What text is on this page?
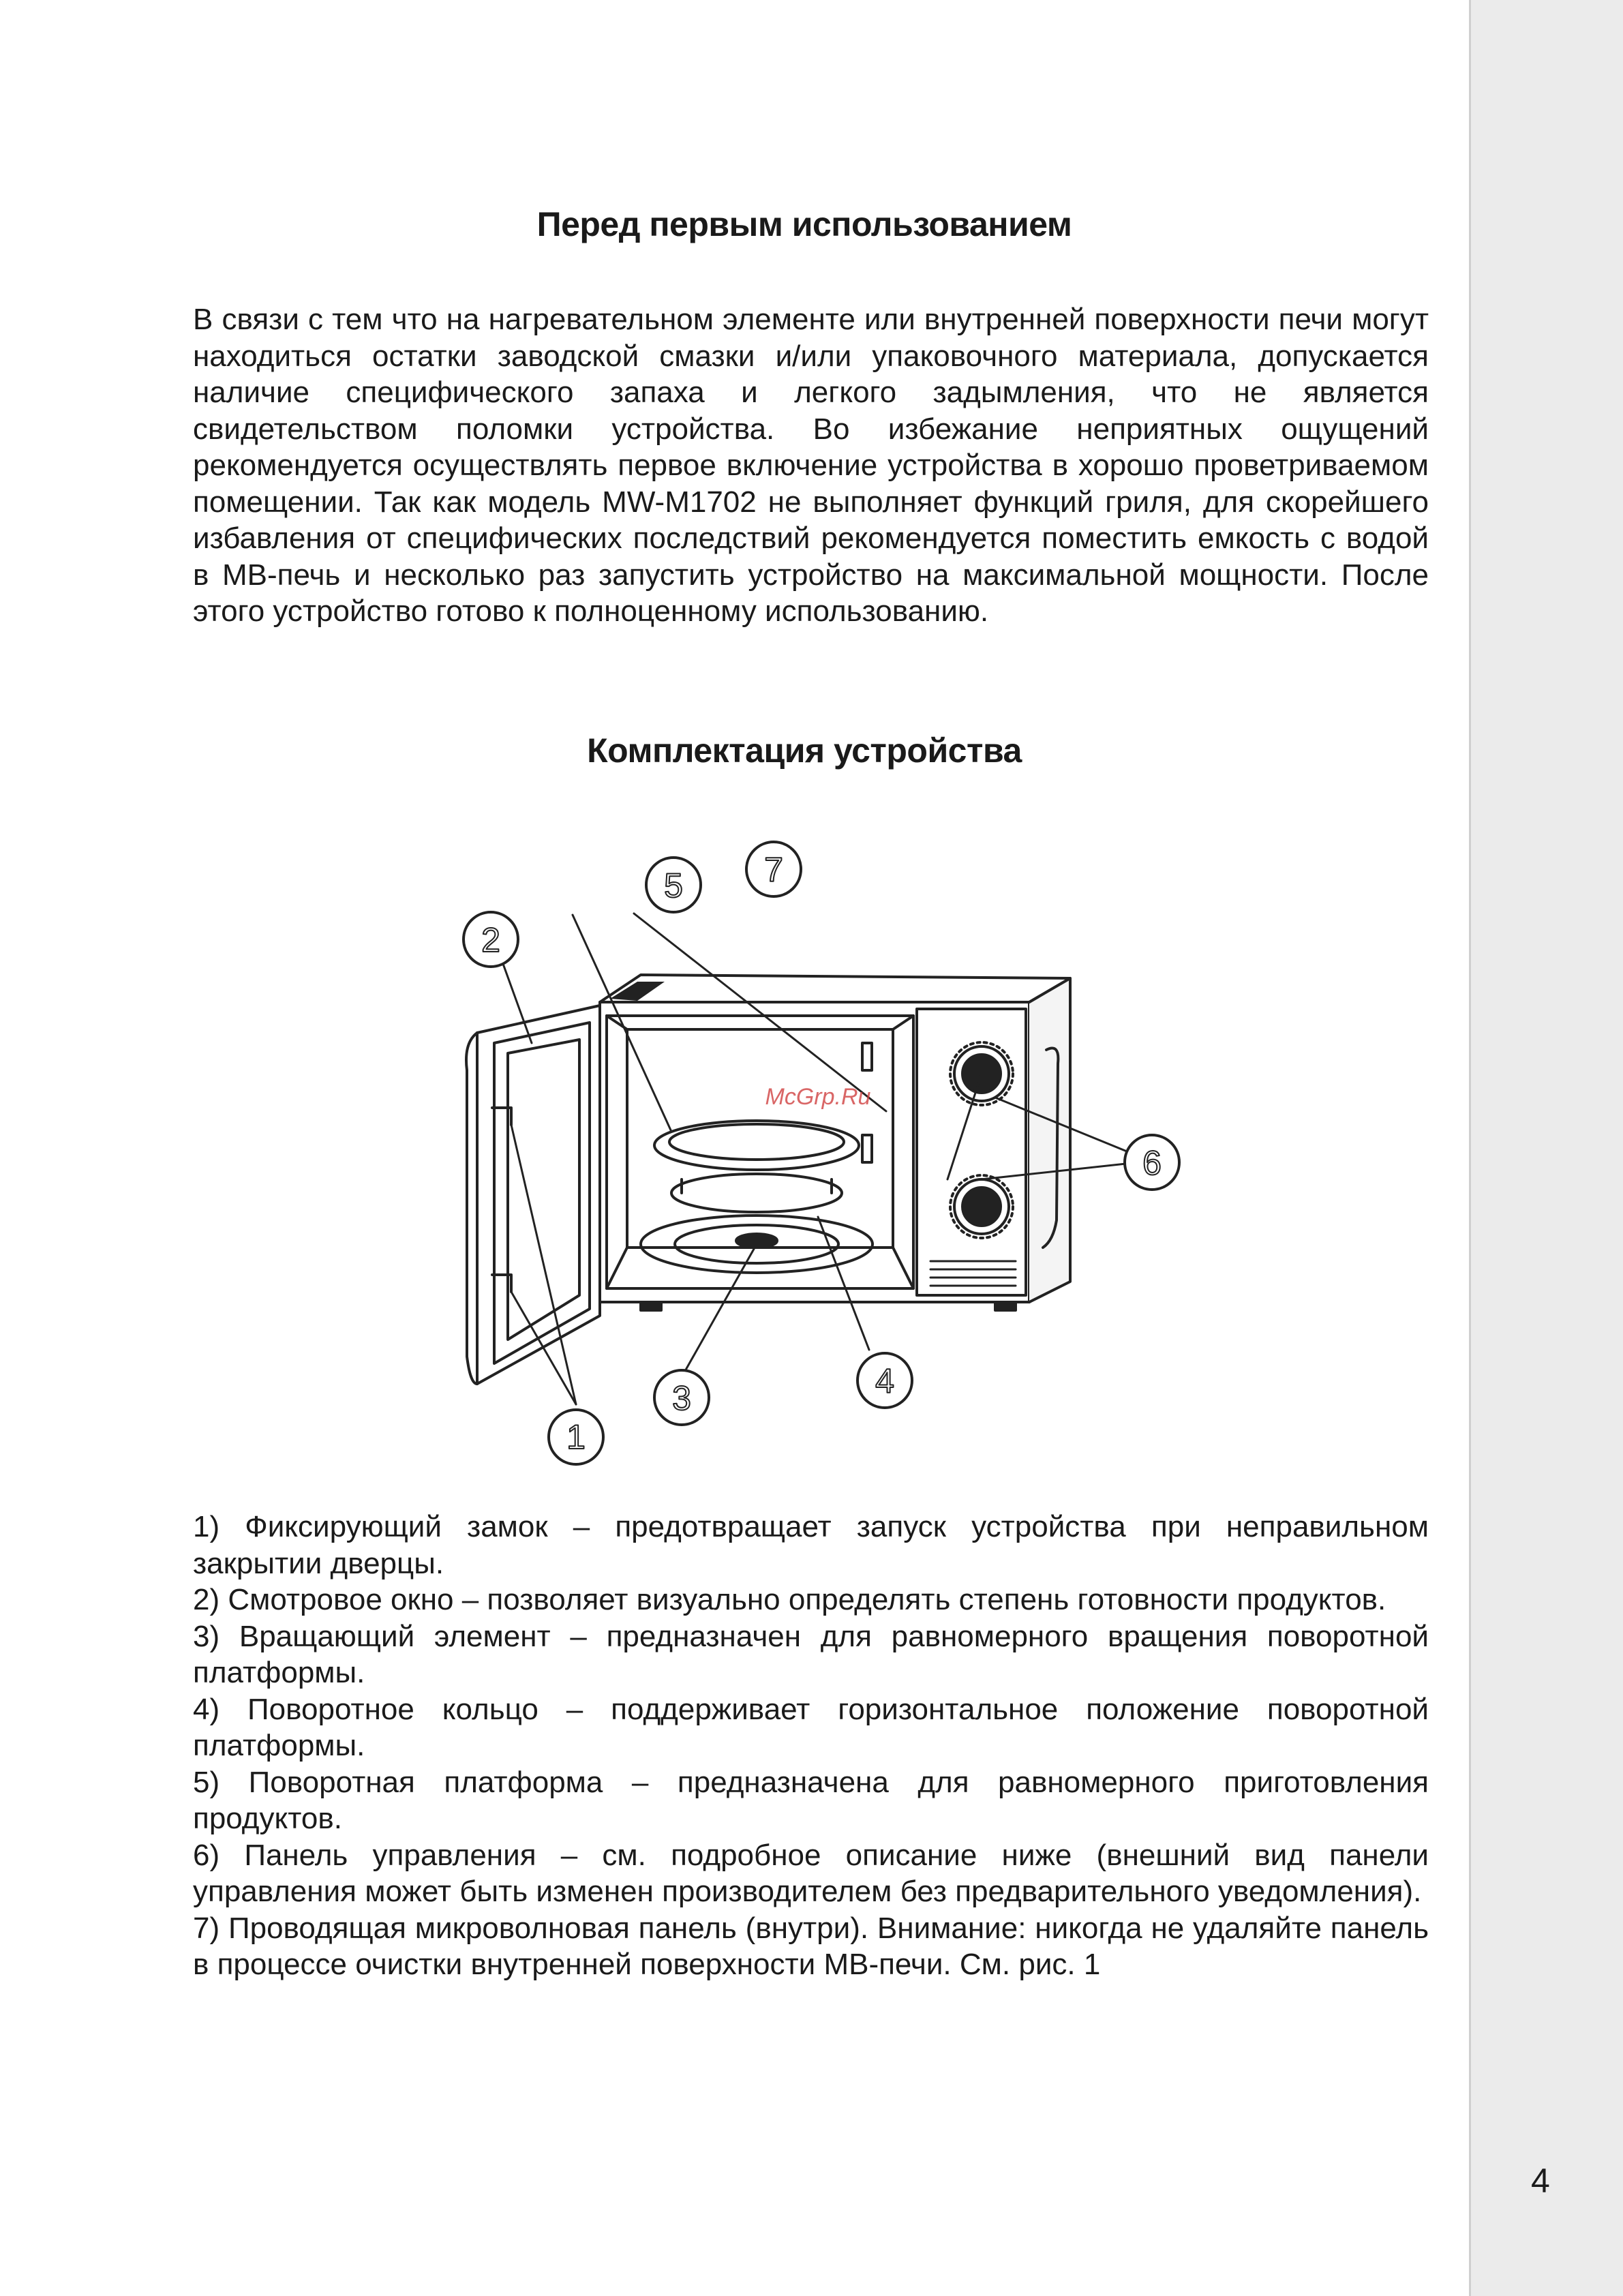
Перед первым использованием
В связи с тем что на нагревательном элементе или внутренней поверхности печи могут находиться остатки заводской смазки и/или упаковочного материала, допускается наличие специфического запаха и легкого задымления, что не является свидетельством поломки устройства. Во избежание неприятных ощущений рекомендуется осуществлять первое включение устройства в хорошо проветриваемом помещении. Так как модель MW-M1702 не выполняет функций гриля, для скорейшего избавления от специфических последствий рекомендуется поместить емкость с водой в МВ-печь и несколько раз запустить устройство на максимальной мощности. После этого устройство готово к полноценному использованию.
Комплектация устройства
1
2
3	4
5
6
7
McGrp.Ru

1) Фиксирующий замок – предотвращает запуск устройства при неправильном закрытии дверцы.

2) Смотровое окно – позволяет визуально определять степень готовности продуктов.

3) Вращающий элемент – предназначен для равномерного вращения поворотной платформы.

4) Поворотное кольцо – поддерживает горизонтальное положение поворотной платформы.

5) Поворотная платформа – предназначена для равномерного приготовления продуктов.

6) Панель управления – см. подробное описание ниже (внешний вид панели управления может быть изменен производителем без предварительного уведомления).

7) Проводящая микроволновая панель (внутри). Внимание: никогда не удаляйте панель в процессе очистки внутренней поверхности МВ-печи. См. рис. 1

4
